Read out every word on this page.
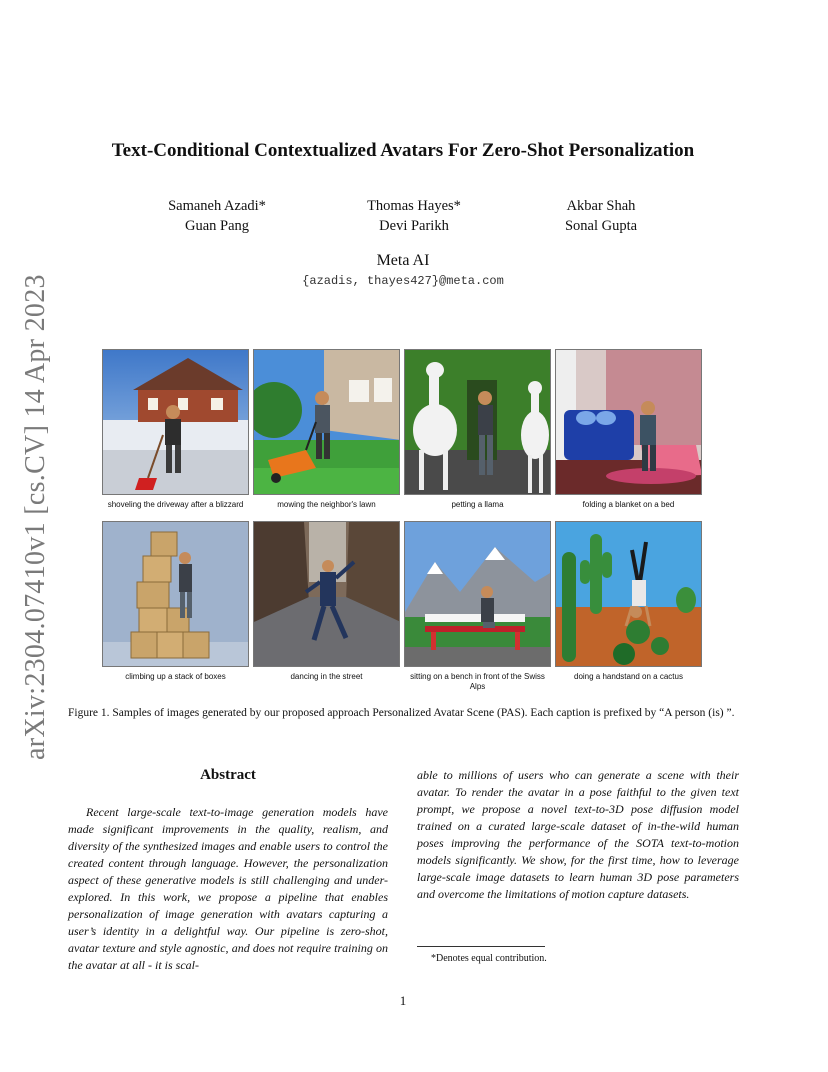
arXiv:2304.07410v1 [cs.CV] 14 Apr 2023
Text-Conditional Contextualized Avatars For Zero-Shot Personalization
Samaneh Azadi*
Guan Pang
Thomas Hayes*
Devi Parikh
Akbar Shah
Sonal Gupta
Meta AI
{azadis, thayes427}@meta.com
shoveling the driveway after a blizzard	mowing the neighbor's lawn	petting a llama	folding a blanket on a bed
climbing up a stack of boxes	dancing in the street	sitting on a bench in front of the Swiss Alps
doing a handstand on a cactus
Figure 1. Samples of images generated by our proposed approach Personalized Avatar Scene (PAS). Each caption is prefixed by “A person (is) ”.
Abstract
Recent large-scale text-to-image generation models have made significant improvements in the quality, realism, and diversity of the synthesized images and enable users to control the created content through language. However, the personalization aspect of these generative models is still challenging and under-explored. In this work, we propose a pipeline that enables personalization of image generation with avatars capturing a user’s identity in a delightful way. Our pipeline is zero-shot, avatar texture and style agnostic, and does not require training on the avatar at all - it is scal-
able to millions of users who can generate a scene with their avatar. To render the avatar in a pose faithful to the given text prompt, we propose a novel text-to-3D pose diffusion model trained on a curated large-scale dataset of in-the-wild human poses improving the performance of the SOTA text-to-motion models significantly. We show, for the first time, how to leverage large-scale image datasets to learn human 3D pose parameters and overcome the limitations of motion capture datasets.
*Denotes equal contribution.
1
